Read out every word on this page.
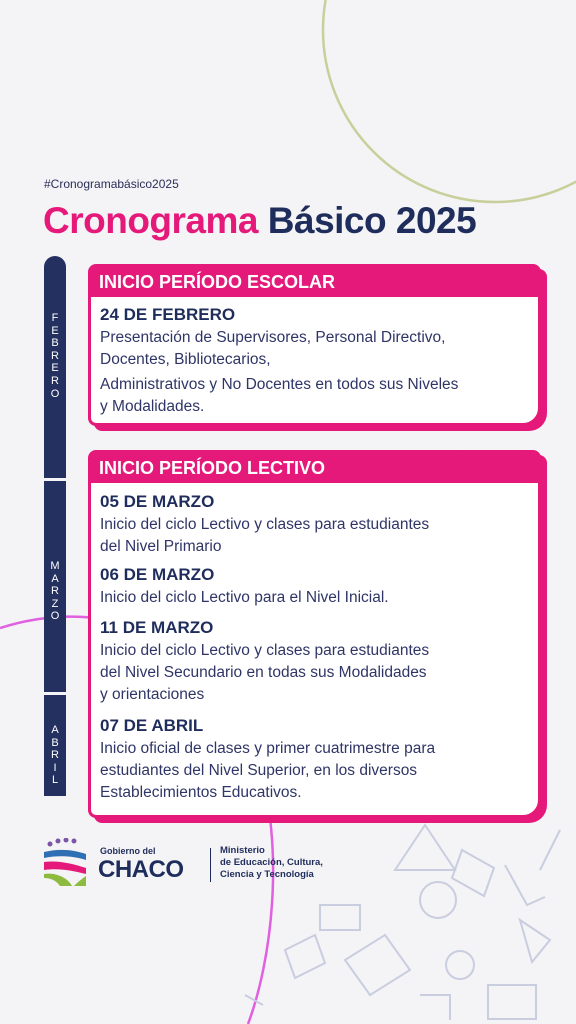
#Cronogramabásico2025
Cronograma Básico 2025
F
E
B
R
E
R
O
M
A
R
Z
O
A
B
R
I
L
INICIO PERÍODO ESCOLAR
24 DE FEBRERO
Presentación de Supervisores, Personal Directivo,
Docentes, Bibliotecarios,
Administrativos y No Docentes en todos sus Niveles
y Modalidades.
INICIO PERÍODO LECTIVO
05 DE MARZO
Inicio del ciclo Lectivo y clases para estudiantes
del Nivel Primario
06 DE MARZO
Inicio del ciclo Lectivo para el Nivel Inicial.
11 DE MARZO
Inicio del ciclo Lectivo y clases para estudiantes
del Nivel Secundario en todas sus Modalidades
y orientaciones
07 DE ABRIL
Inicio oficial de clases y primer cuatrimestre para
estudiantes del Nivel Superior, en los diversos
Establecimientos Educativos.
Gobierno del
CHACO
Ministerio
de Educación, Cultura,
Ciencia y Tecnología
